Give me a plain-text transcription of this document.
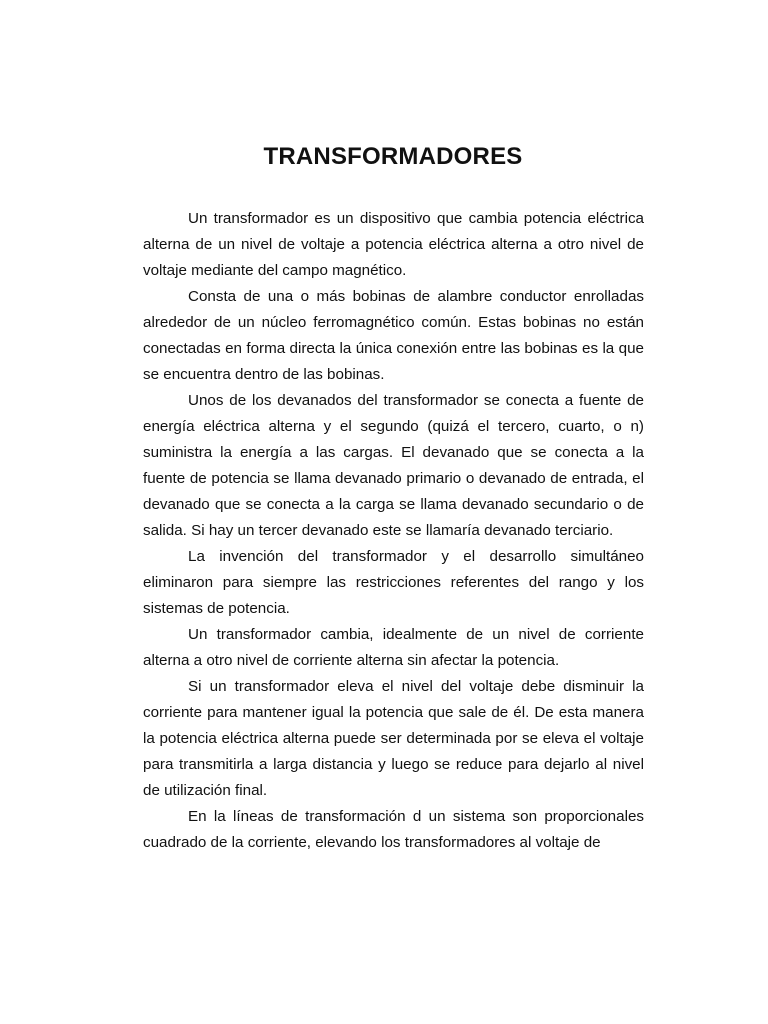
TRANSFORMADORES

Un transformador es un dispositivo que cambia potencia eléctrica alterna de un nivel de voltaje a potencia eléctrica alterna a otro nivel de voltaje mediante del campo magnético.

Consta de una o más bobinas de alambre conductor enrolladas alrededor de un núcleo ferromagnético común. Estas bobinas no están conectadas en forma directa la única conexión entre las bobinas es la que se encuentra dentro de las bobinas.

Unos de los devanados del transformador se conecta a fuente de energía eléctrica alterna y el segundo (quizá el tercero, cuarto, o n) suministra la energía a las cargas. El devanado que se conecta a la fuente de potencia se llama devanado primario o devanado de entrada, el devanado que se conecta a la carga se llama devanado secundario o de salida. Si hay un tercer devanado este se llamaría devanado terciario.

La invención del transformador y el desarrollo simultáneo eliminaron para siempre las restricciones referentes del rango y los sistemas de potencia.

Un transformador cambia, idealmente de un nivel de corriente alterna a otro nivel de corriente alterna sin afectar la potencia.

Si un transformador eleva el nivel del voltaje debe disminuir la corriente para mantener igual la potencia que sale de él. De esta manera la potencia eléctrica alterna puede ser determinada por se eleva el voltaje para transmitirla a larga distancia y luego se reduce para dejarlo al nivel de utilización final.

En la líneas de transformación d un sistema son proporcionales cuadrado de la corriente, elevando los transformadores al voltaje de
